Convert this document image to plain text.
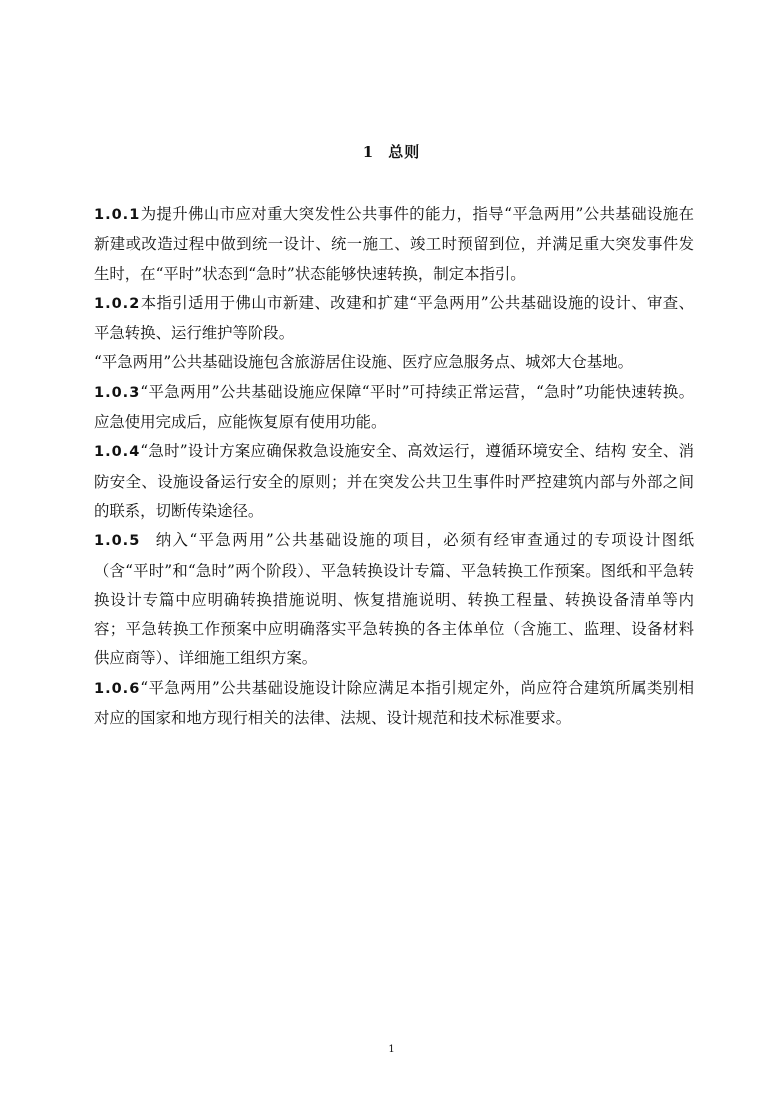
1 总则

1.0.1为提升佛山市应对重大突发性公共事件的能力，指导“平急两用”公共基础设施在新建或改造过程中做到统一设计、统一施工、竣工时预留到位，并满足重大突发事件发生时，在“平时”状态到“急时”状态能够快速转换，制定本指引。

1.0.2本指引适用于佛山市新建、改建和扩建“平急两用”公共基础设施的设计、审查、平急转换、运行维护等阶段。

“平急两用”公共基础设施包含旅游居住设施、医疗应急服务点、城郊大仓基地。

1.0.3“平急两用”公共基础设施应保障“平时”可持续正常运营，“急时”功能快速转换。应急使用完成后，应能恢复原有使用功能。

1.0.4“急时”设计方案应确保救急设施安全、高效运行，遵循环境安全、结构 安全、消防安全、设施设备运行安全的原则；并在突发公共卫生事件时严控建筑内部与外部之间的联系，切断传染途径。

1.0.5 纳入“平急两用”公共基础设施的项目，必须有经审查通过的专项设计图纸（含“平时”和“急时”两个阶段）、平急转换设计专篇、平急转换工作预案。图纸和平急转换设计专篇中应明确转换措施说明、恢复措施说明、转换工程量、转换设备清单等内容；平急转换工作预案中应明确落实平急转换的各主体单位（含施工、监理、设备材料供应商等）、详细施工组织方案。

1.0.6“平急两用”公共基础设施设计除应满足本指引规定外，尚应符合建筑所属类别相对应的国家和地方现行相关的法律、法规、设计规范和技术标准要求。

1
